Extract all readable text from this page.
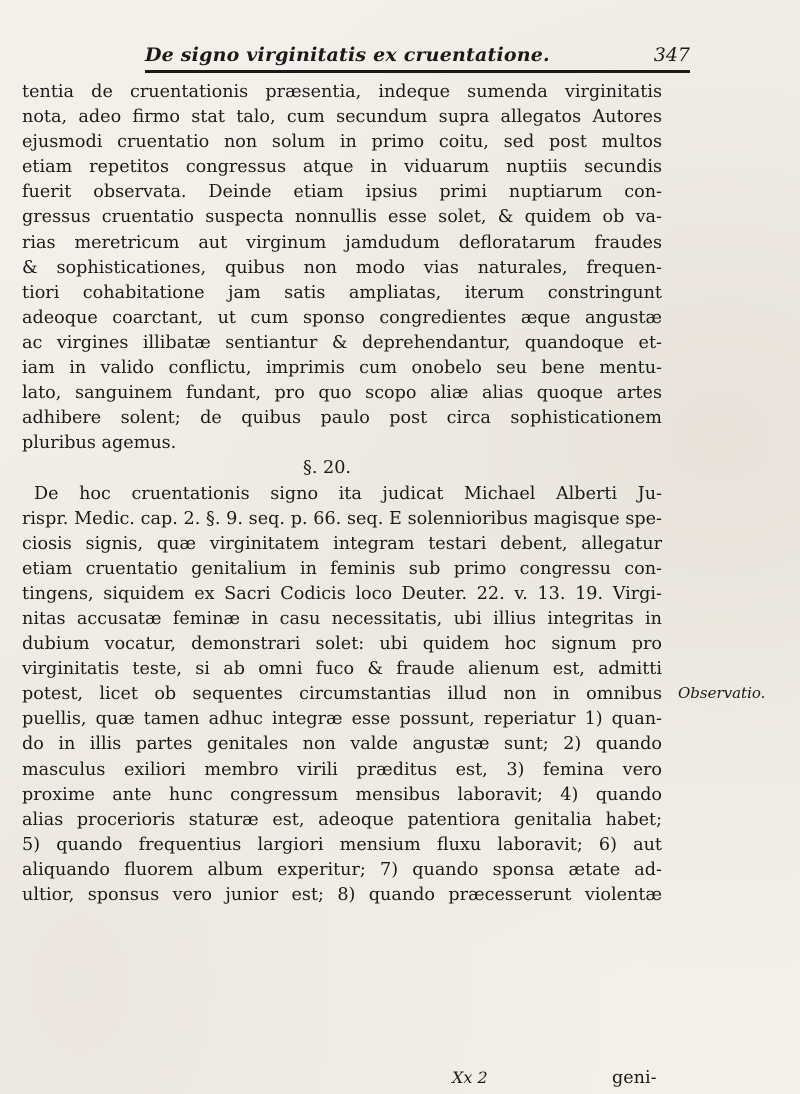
De signo virginitatis ex cruentatione.	347
tentia de cruentationis præsentia, indeque sumenda virginitatis
nota, adeo firmo stat talo, cum secundum supra allegatos Autores
ejusmodi cruentatio non solum in primo coitu, sed post multos
etiam repetitos congressus atque in viduarum nuptiis secundis
fuerit observata. Deinde etiam ipsius primi nuptiarum con-
gressus cruentatio suspecta nonnullis esse solet, & quidem ob va-
rias meretricum aut virginum jamdudum defloratarum fraudes
& sophisticationes, quibus non modo vias naturales, frequen-
tiori cohabitatione jam satis ampliatas, iterum constringunt
adeoque coarctant, ut cum sponso congredientes æque angustæ
ac virgines illibatæ sentiantur & deprehendantur, quandoque et-
iam in valido conflictu, imprimis cum onobelo seu bene mentu-
lato, sanguinem fundant, pro quo scopo aliæ alias quoque artes
adhibere solent; de quibus paulo post circa sophisticationem
pluribus agemus.
§. 20.
De hoc cruentationis signo ita judicat Michael Alberti Ju-
rispr. Medic. cap. 2. §. 9. seq. p. 66. seq. E solennioribus magisque spe-
ciosis signis, quæ virginitatem integram testari debent, allegatur
etiam cruentatio genitalium in feminis sub primo congressu con-
tingens, siquidem ex Sacri Codicis loco Deuter. 22. v. 13. 19. Virgi-
nitas accusatæ feminæ in casu necessitatis, ubi illius integritas in
dubium vocatur, demonstrari solet: ubi quidem hoc signum pro
virginitatis teste, si ab omni fuco & fraude alienum est, admitti
potest, licet ob sequentes circumstantias illud non in omnibus
puellis, quæ tamen adhuc integræ esse possunt, reperiatur 1) quan-
do in illis partes genitales non valde angustæ sunt; 2) quando
masculus exiliori membro virili præditus est, 3) femina vero
proxime ante hunc congressum mensibus laboravit; 4) quando
alias procerioris staturæ est, adeoque patentiora genitalia habet;
5) quando frequentius largiori mensium fluxu laboravit; 6) aut
aliquando fluorem album experitur; 7) quando sponsa ætate ad-
ultior, sponsus vero junior est; 8) quando præcesserunt violentæ
Observatio.
Xx 2	geni-
